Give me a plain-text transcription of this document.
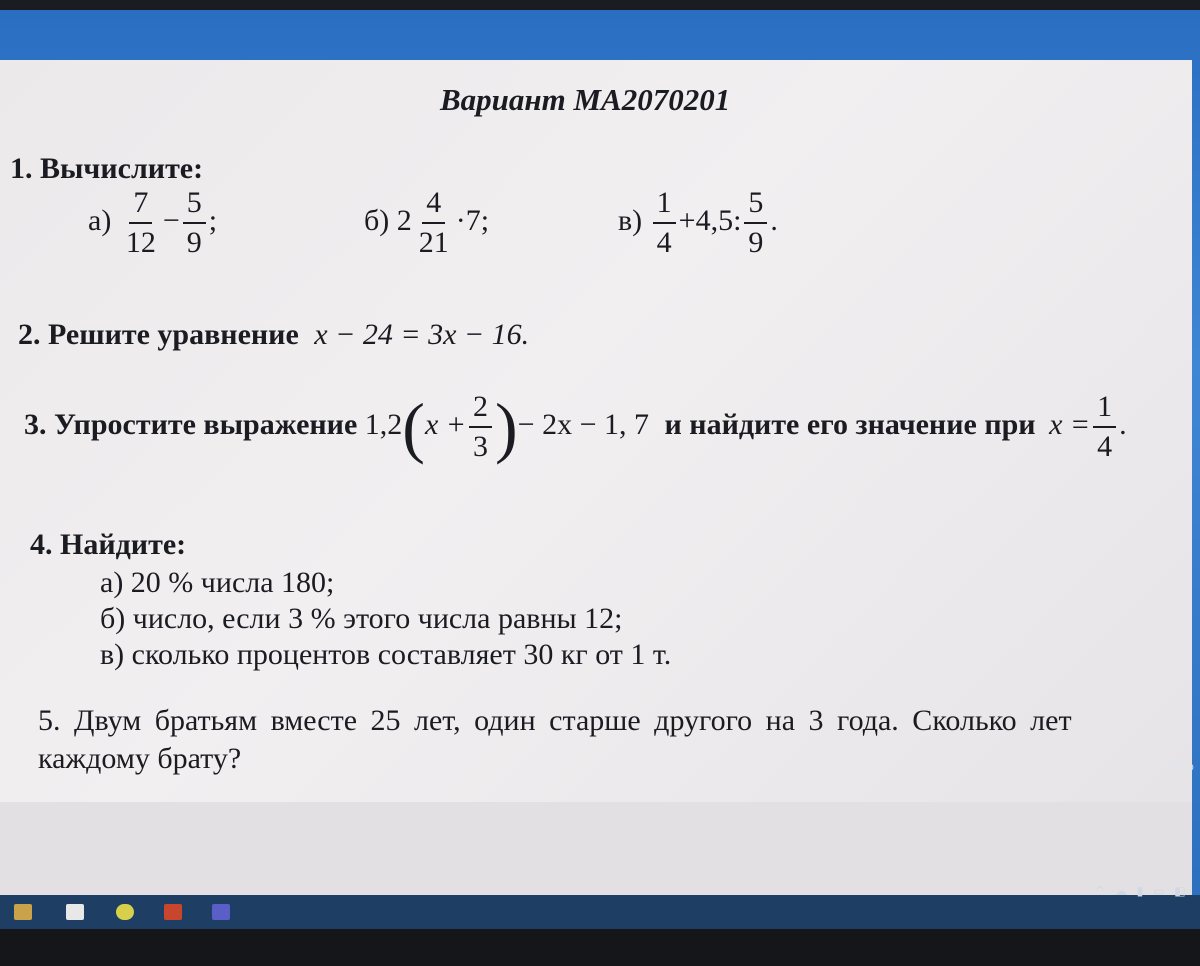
Вариант МА2070201
1. Вычислите:
$а) \frac{7}{12} - \frac{5}{9}$ ;	б) $2 \frac{4}{21} \cdot 7$;	$в) \frac{1}{4} +4,5$: $\frac{5}{9}$ .
2. Решите уравнение x − 24 = 3x − 16.
3. Упростите выражение $1,2(x + \frac{2}{3}$ )− 2x − 1, 7 и найдите его значение при $x = \frac{1}{4}$ .
4. Найдите:
а) 20 % числа 180;
б) число, если 3 % этого числа равны 12;
в) сколько процентов составляет 30 кг от 1 т.
5. Двум братьям вместе 25 лет, один старше другого на 3 года. Сколько лет
каждому брату?	Teop
^ ☁ ▮ ▭ ◧
